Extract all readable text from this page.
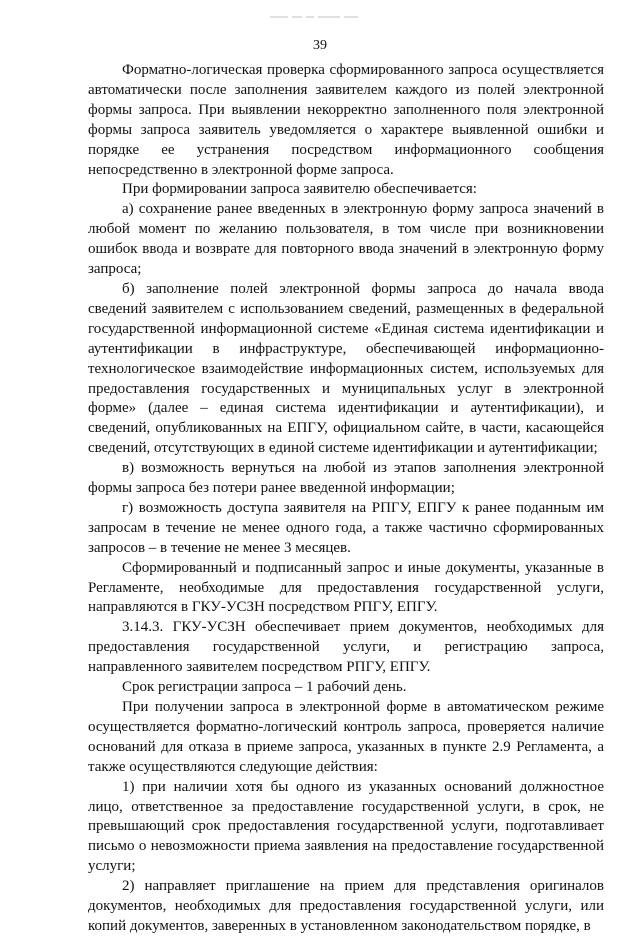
39

Форматно-логическая проверка сформированного запроса осуществляется автоматически после заполнения заявителем каждого из полей электронной формы запроса. При выявлении некорректно заполненного поля электронной формы запроса заявитель уведомляется о характере выявленной ошибки и порядке ее устранения посредством информационного сообщения непосредственно в электронной форме запроса.

При формировании запроса заявителю обеспечивается:

а) сохранение ранее введенных в электронную форму запроса значений в любой момент по желанию пользователя, в том числе при возникновении ошибок ввода и возврате для повторного ввода значений в электронную форму запроса;

б) заполнение полей электронной формы запроса до начала ввода сведений заявителем с использованием сведений, размещенных в федеральной государственной информационной системе «Единая система идентификации и аутентификации в инфраструктуре, обеспечивающей информационно-технологическое взаимодействие информационных систем, используемых для предоставления государственных и муниципальных услуг в электронной форме» (далее – единая система идентификации и аутентификации), и сведений, опубликованных на ЕПГУ, официальном сайте, в части, касающейся сведений, отсутствующих в единой системе идентификации и аутентификации;

в) возможность вернуться на любой из этапов заполнения электронной формы запроса без потери ранее введенной информации;

г) возможность доступа заявителя на РПГУ, ЕПГУ к ранее поданным им запросам в течение не менее одного года, а также частично сформированных запросов – в течение не менее 3 месяцев.

Сформированный и подписанный запрос и иные документы, указанные в Регламенте, необходимые для предоставления государственной услуги, направляются в ГКУ-УСЗН посредством РПГУ, ЕПГУ.

3.14.3. ГКУ-УСЗН обеспечивает прием документов, необходимых для предоставления государственной услуги, и регистрацию запроса, направленного заявителем посредством РПГУ, ЕПГУ.

Срок регистрации запроса – 1 рабочий день.

При получении запроса в электронной форме в автоматическом режиме осуществляется форматно-логический контроль запроса, проверяется наличие оснований для отказа в приеме запроса, указанных в пункте 2.9 Регламента, а также осуществляются следующие действия:

1) при наличии хотя бы одного из указанных оснований должностное лицо, ответственное за предоставление государственной услуги, в срок, не превышающий срок предоставления государственной услуги, подготавливает письмо о невозможности приема заявления на предоставление государственной услуги;

2) направляет приглашение на прием для представления оригиналов документов, необходимых для предоставления государственной услуги, или копий документов, заверенных в установленном законодательством порядке, в
